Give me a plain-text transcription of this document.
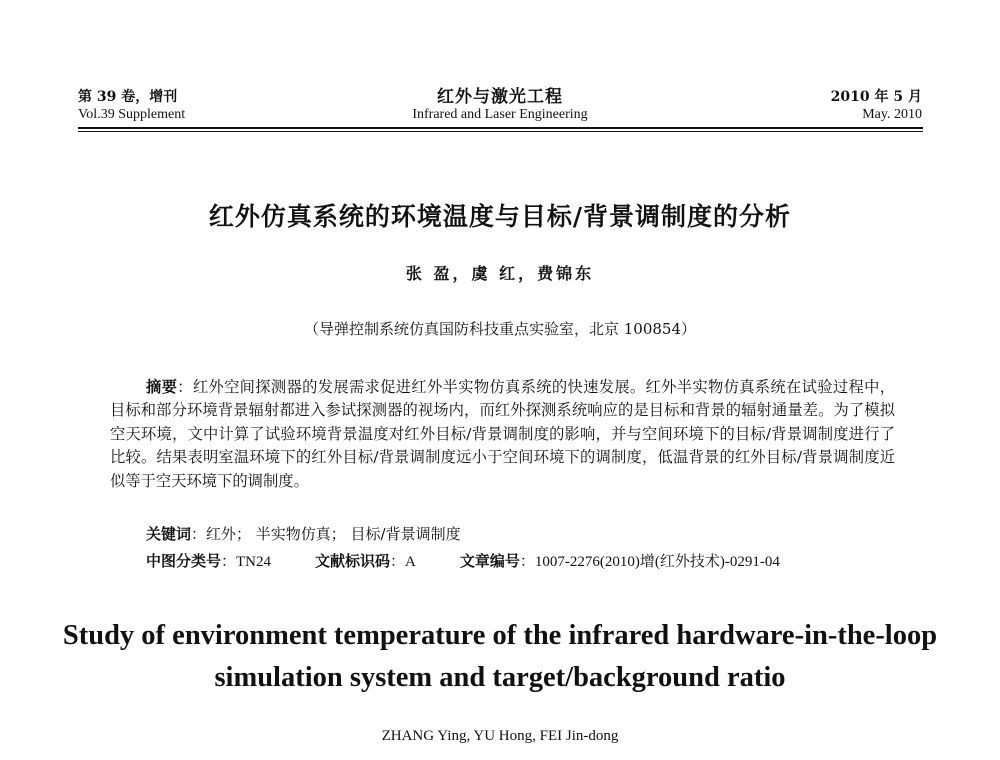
第 39 卷，增刊
Vol.39 Supplement
红外与激光工程
Infrared and Laser Engineering
2010 年 5 月
May. 2010
红外仿真系统的环境温度与目标/背景调制度的分析
张 盈，虞 红，费锦东
（导弹控制系统仿真国防科技重点实验室，北京 100854）
摘要：红外空间探测器的发展需求促进红外半实物仿真系统的快速发展。红外半实物仿真系统在试验过程中，目标和部分环境背景辐射都进入参试探测器的视场内，而红外探测系统响应的是目标和背景的辐射通量差。为了模拟空天环境，文中计算了试验环境背景温度对红外目标/背景调制度的影响，并与空间环境下的目标/背景调制度进行了比较。结果表明室温环境下的红外目标/背景调制度远小于空间环境下的调制度，低温背景的红外目标/背景调制度近似等于空天环境下的调制度。
关键词：红外； 半实物仿真； 目标/背景调制度
中图分类号：TN24	文献标识码：A	文章编号：1007-2276(2010)增(红外技术)-0291-04
Study of environment temperature of the infrared hardware-in-the-loop
simulation system and target/background ratio
ZHANG Ying, YU Hong, FEI Jin-dong
